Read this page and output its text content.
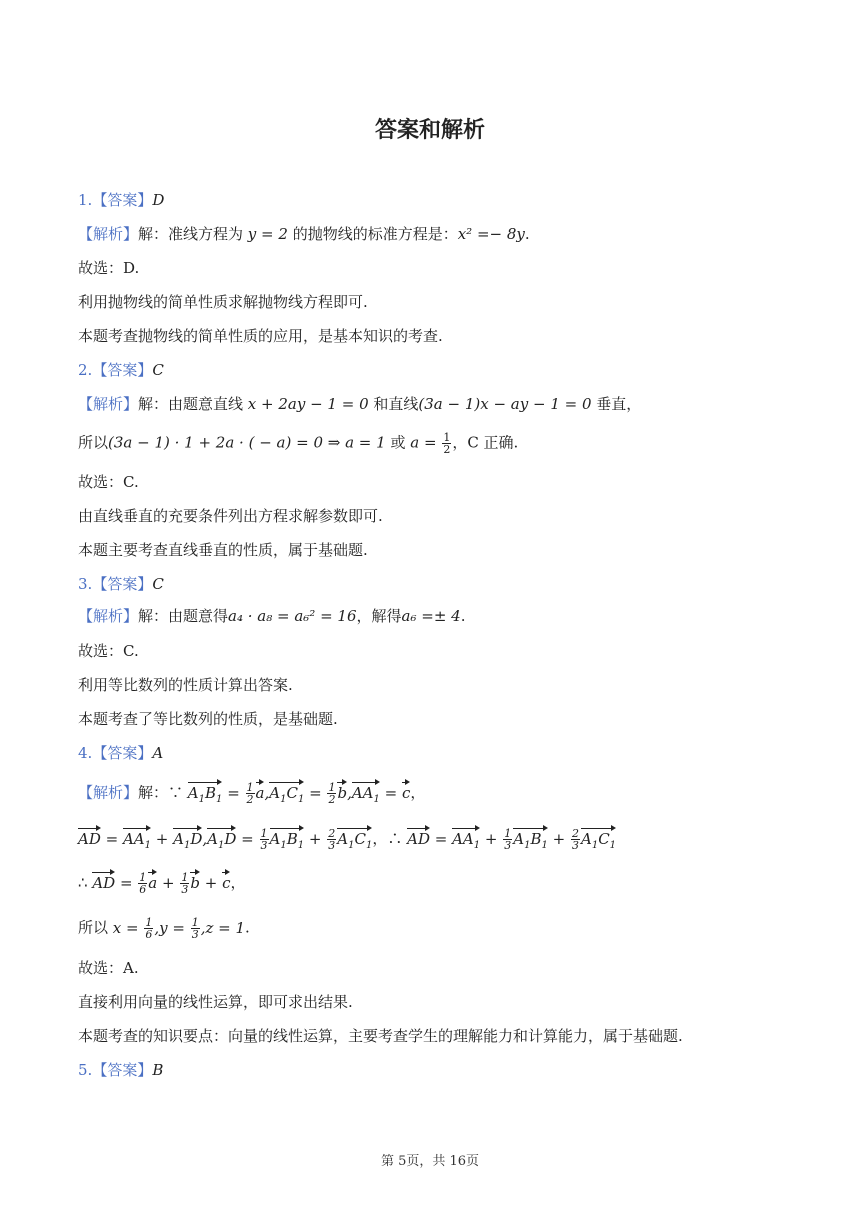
答案和解析
1.【答案】D
【解析】解：准线方程为 y = 2 的抛物线的标准方程是：x² =− 8y.
故选：D.
利用抛物线的简单性质求解抛物线方程即可.
本题考查抛物线的简单性质的应用，是基本知识的考查.
2.【答案】C
【解析】解：由题意直线 x + 2ay − 1 = 0 和直线(3a − 1)x − ay − 1 = 0 垂直，
所以(3a − 1) · 1 + 2a · ( − a) = 0 ⇒ a = 1 或 $a = \frac{1}{2}$ ，C 正确.
故选：C.
由直线垂直的充要条件列出方程求解参数即可.
本题主要考查直线垂直的性质，属于基础题.
3.【答案】C
【解析】解：由题意得a₄ · a₈ = a₆² = 16，解得a₆ =± 4.
故选：C.
利用等比数列的性质计算出答案.
本题考查了等比数列的性质，是基础题.
4.【答案】A
【解析】解：∵ $A_1B_1 = \frac{1}{2} a,A_1C_1 = \frac{1}{2} b,AA_1 = c$，
AD = $AA_1 + A_1D,A_1D = \frac{1}{3} A_1B_1 + \frac{2}{3} A_1C_1$，∴ AD = $AA_1 + \frac{1}{3} A_1B_1 + \frac{2}{3} A_1C_1$
∴ AD = $\frac{1}{6}$ $a + \frac{1}{3}$ b + c，
所以 $x = \frac{1}{6} ,y = \frac{1}{3} ,z = 1$.
故选：A.
直接利用向量的线性运算，即可求出结果.
本题考查的知识要点：向量的线性运算，主要考查学生的理解能力和计算能力，属于基础题.
5.【答案】B
第 5页，共 16页
